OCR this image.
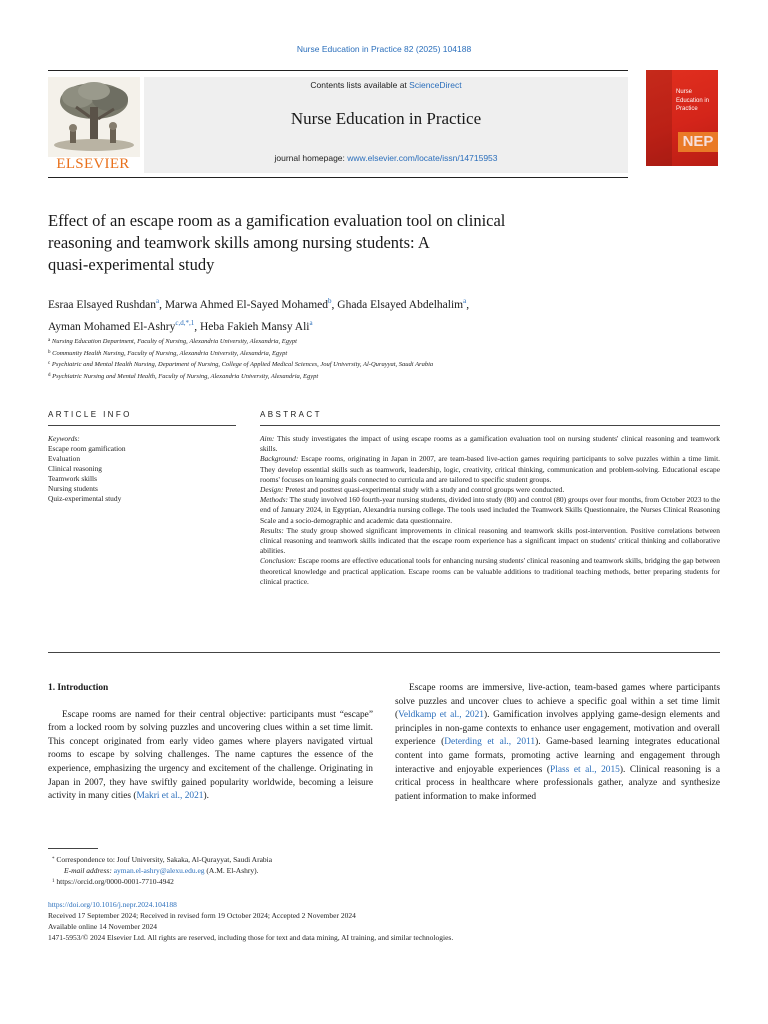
Nurse Education in Practice 82 (2025) 104188
ELSEVIER
Contents lists available at ScienceDirect
Nurse Education in Practice
journal homepage: www.elsevier.com/locate/issn/14715953
Nurse
Education in
Practice
NEP
Effect of an escape room as a gamification evaluation tool on clinical
reasoning and teamwork skills among nursing students: A
quasi-experimental study
Esraa Elsayed Rushdan$^a$, Marwa Ahmed El-Sayed Mohamed$^b$, Ghada Elsayed Abdelhalim$^a$,
Ayman Mohamed El-Ashry$^{c,d,*,1}$, Heba Fakieh Mansy Ali$^a$
$^a$ Nursing Education Department, Faculty of Nursing, Alexandria University, Alexandria, Egypt
$^b$ Community Health Nursing, Faculty of Nursing, Alexandria University, Alexandria, Egypt
$^c$ Psychiatric and Mental Health Nursing, Department of Nursing, College of Applied Medical Sciences, Jouf University, Al-Qurayyat, Saudi Arabia
$^d$ Psychiatric Nursing and Mental Health, Faculty of Nursing, Alexandria University, Alexandria, Egypt
ARTICLE INFO	ABSTRACT
Keywords:
Escape room gamification
Evaluation
Clinical reasoning
Teamwork skills
Nursing students
Quiz-experimental study

Aim: This study investigates the impact of using escape rooms as a gamification evaluation tool on nursing students' clinical reasoning and teamwork skills.

Background: Escape rooms, originating in Japan in 2007, are team-based live-action games requiring participants to solve puzzles within a time limit. They develop essential skills such as teamwork, leadership, logic, creativity, critical thinking, communication and problem-solving. Educational escape rooms' focuses on learning goals connected to curricula and are tailored to specific student groups.

Design: Pretest and posttest quasi-experimental study with a study and control groups were conducted.

Methods: The study involved 160 fourth-year nursing students, divided into study (80) and control (80) groups over four months, from October 2023 to the end of January 2024, in Egyptian, Alexandria nursing college. The tools used included the Teamwork Skills Questionnaire, the Nurses Clinical Reasoning Scale and a socio-demographic and academic data questionnaire.

Results: The study group showed significant improvements in clinical reasoning and teamwork skills post-intervention. Positive correlations between clinical reasoning and teamwork skills indicated that the escape room experience has a significant impact on students' critical thinking and collaborative abilities.

Conclusion: Escape rooms are effective educational tools for enhancing nursing students' clinical reasoning and teamwork skills, bridging the gap between theoretical knowledge and practical application. Escape rooms can be valuable additions to traditional teaching methods, better preparing students for clinical practice.

1. Introduction

Escape rooms are named for their central objective: participants must “escape” from a locked room by solving puzzles and uncovering clues within a set time limit. This concept originated from early video games where players navigated virtual rooms to escape by solving challenges. The name captures the essence of the experience, emphasizing the urgency and excitement of the challenge. Originating in Japan in 2007, they have swiftly gained popularity worldwide, becoming a leisure activity in many cities (Makri et al., 2021).

Escape rooms are immersive, live-action, team-based games where participants solve puzzles and uncover clues to achieve a specific goal within a set time limit (Veldkamp et al., 2021). Gamification involves applying game-design elements and principles in non-game contexts to enhance user engagement, motivation and overall experience (Deterding et al., 2011). Game-based learning integrates educational content into game formats, promoting active learning and engagement through interactive and enjoyable experiences (Plass et al., 2015). Clinical reasoning is a critical process in healthcare where professionals gather, analyze and synthesize patient information to make informed

* Correspondence to: Jouf University, Sakaka, Al-Qurayyat, Saudi Arabia
E-mail address: ayman.el-ashry@alexu.edu.eg (A.M. El-Ashry).
$^1$ https://orcid.org/0000-0001-7710-4942
https://doi.org/10.1016/j.nepr.2024.104188
Received 17 September 2024; Received in revised form 19 October 2024; Accepted 2 November 2024
Available online 14 November 2024
1471-5953/© 2024 Elsevier Ltd. All rights are reserved, including those for text and data mining, AI training, and similar technologies.
